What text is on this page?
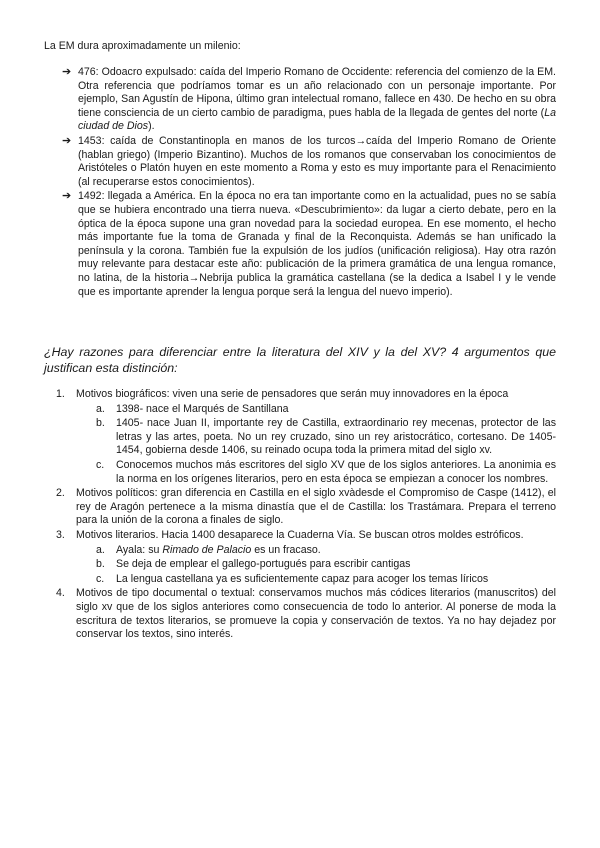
La EM dura aproximadamente un milenio:
➔ 476: Odoacro expulsado: caída del Imperio Romano de Occidente: referencia del comienzo de la EM. Otra referencia que podríamos tomar es un año relacionado con un personaje importante. Por ejemplo, San Agustín de Hipona, último gran intelectual romano, fallece en 430. De hecho en su obra tiene consciencia de un cierto cambio de paradigma, pues habla de la llegada de gentes del norte (La ciudad de Dios).
➔ 1453: caída de Constantinopla en manos de los turcos→caída del Imperio Romano de Oriente (hablan griego) (Imperio Bizantino). Muchos de los romanos que conservaban los conocimientos de Aristóteles o Platón huyen en este momento a Roma y esto es muy importante para el Renacimiento (al recuperarse estos conocimientos).
➔ 1492: llegada a América. En la época no era tan importante como en la actualidad, pues no se sabía que se hubiera encontrado una tierra nueva. «Descubrimiento»: da lugar a cierto debate, pero en la óptica de la época supone una gran novedad para la sociedad europea. En ese momento, el hecho más importante fue la toma de Granada y final de la Reconquista. Además se han unificado la península y la corona. También fue la expulsión de los judíos (unificación religiosa). Hay otra razón muy relevante para destacar este año: publicación de la primera gramática de una lengua romance, no latina, de la historia→Nebrija publica la gramática castellana (se la dedica a Isabel I y le vende que es importante aprender la lengua porque será la lengua del nuevo imperio).
¿Hay razones para diferenciar entre la literatura del XIV y la del XV? 4 argumentos que justifican esta distinción:
1. Motivos biográficos: viven una serie de pensadores que serán muy innovadores en la época
a. 1398- nace el Marqués de Santillana
b. 1405- nace Juan II, importante rey de Castilla, extraordinario rey mecenas, protector de las letras y las artes, poeta. No un rey cruzado, sino un rey aristocrático, cortesano. De 1405-1454, gobierna desde 1406, su reinado ocupa toda la primera mitad del siglo xv.
c. Conocemos muchos más escritores del siglo XV que de los siglos anteriores. La anonimia es la norma en los orígenes literarios, pero en esta época se empiezan a conocer los nombres.
2. Motivos políticos: gran diferencia en Castilla en el siglo xvàdesde el Compromiso de Caspe (1412), el rey de Aragón pertenece a la misma dinastía que el de Castilla: los Trastámara. Prepara el terreno para la unión de la corona a finales de siglo.
3. Motivos literarios. Hacia 1400 desaparece la Cuaderna Vía. Se buscan otros moldes estróficos.
a. Ayala: su Rimado de Palacio es un fracaso.
b. Se deja de emplear el gallego-portugués para escribir cantigas
c. La lengua castellana ya es suficientemente capaz para acoger los temas líricos
4. Motivos de tipo documental o textual: conservamos muchos más códices literarios (manuscritos) del siglo xv que de los siglos anteriores como consecuencia de todo lo anterior. Al ponerse de moda la escritura de textos literarios, se promueve la copia y conservación de textos. Ya no hay dejadez por conservar los textos, sino interés.
